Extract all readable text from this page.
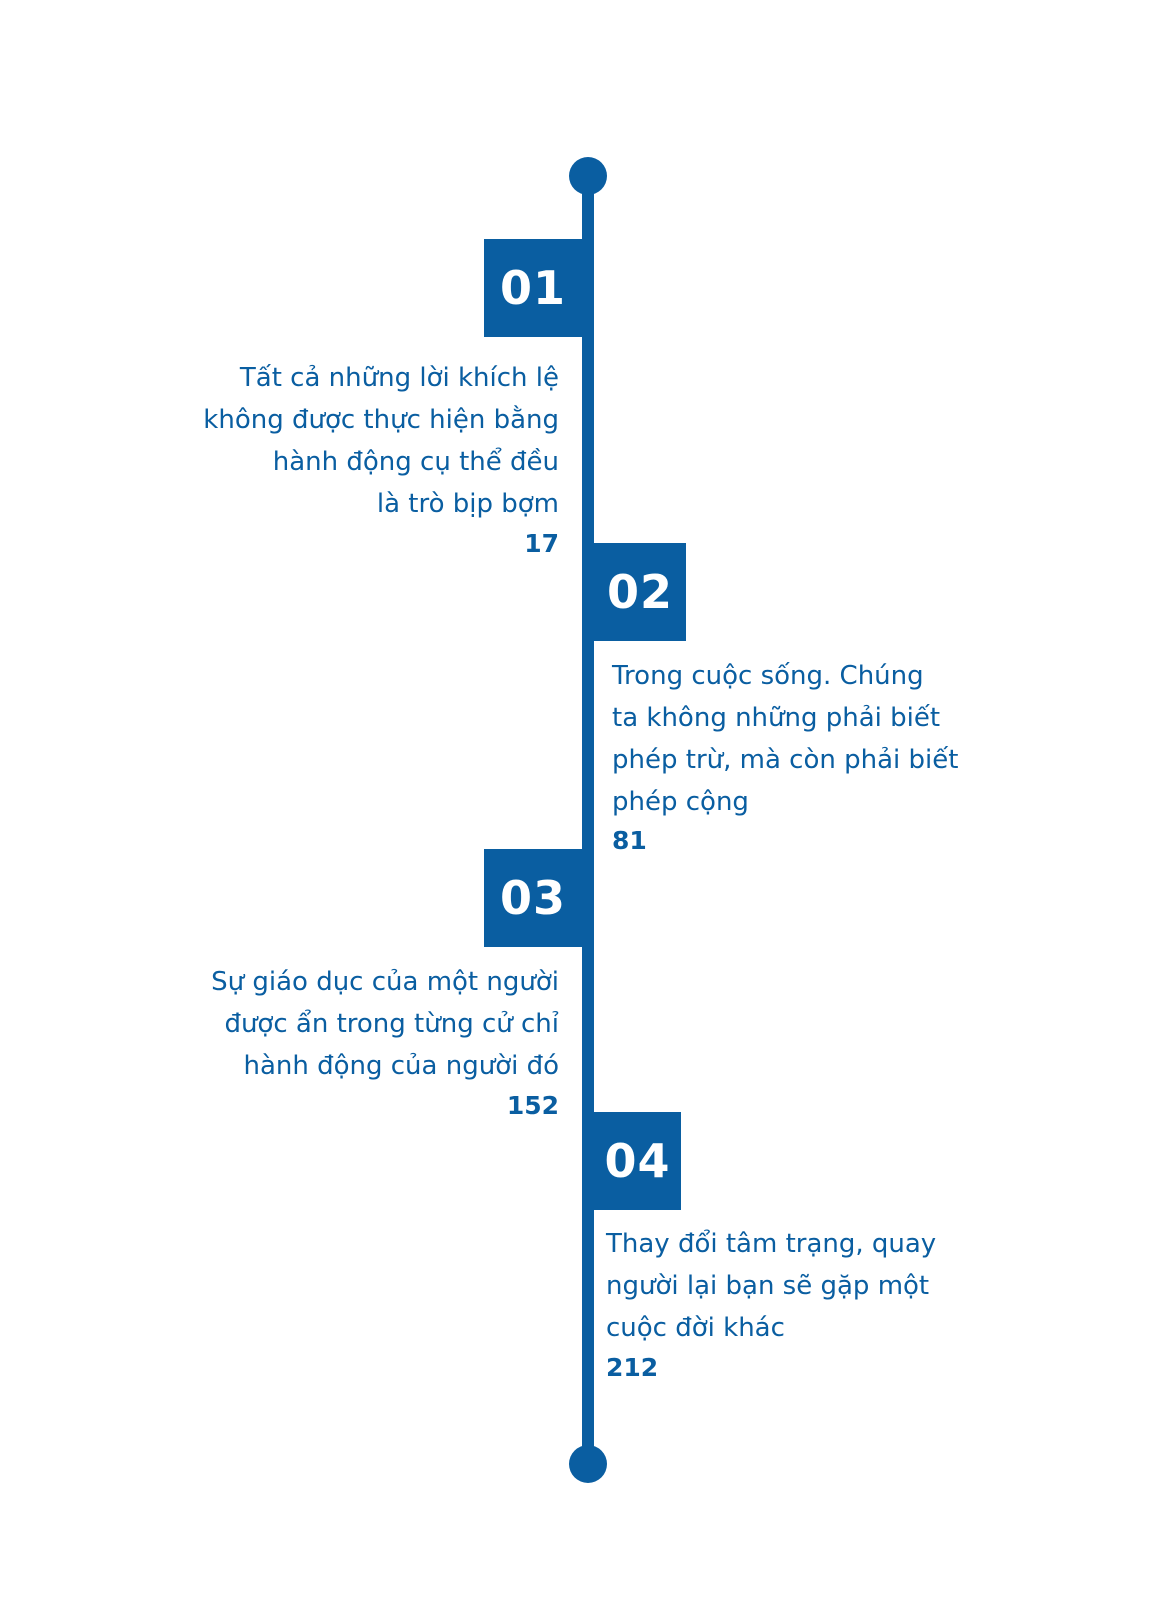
01
Tất cả những lời khích lệ
không được thực hiện bằng
hành động cụ thể đều
là trò bịp bợm
17
02
Trong cuộc sống. Chúng
ta không những phải biết
phép trừ, mà còn phải biết
phép cộng
81
03
Sự giáo dục của một người
được ẩn trong từng cử chỉ
hành động của người đó
152
04
Thay đổi tâm trạng, quay
người lại bạn sẽ gặp một
cuộc đời khác
212
